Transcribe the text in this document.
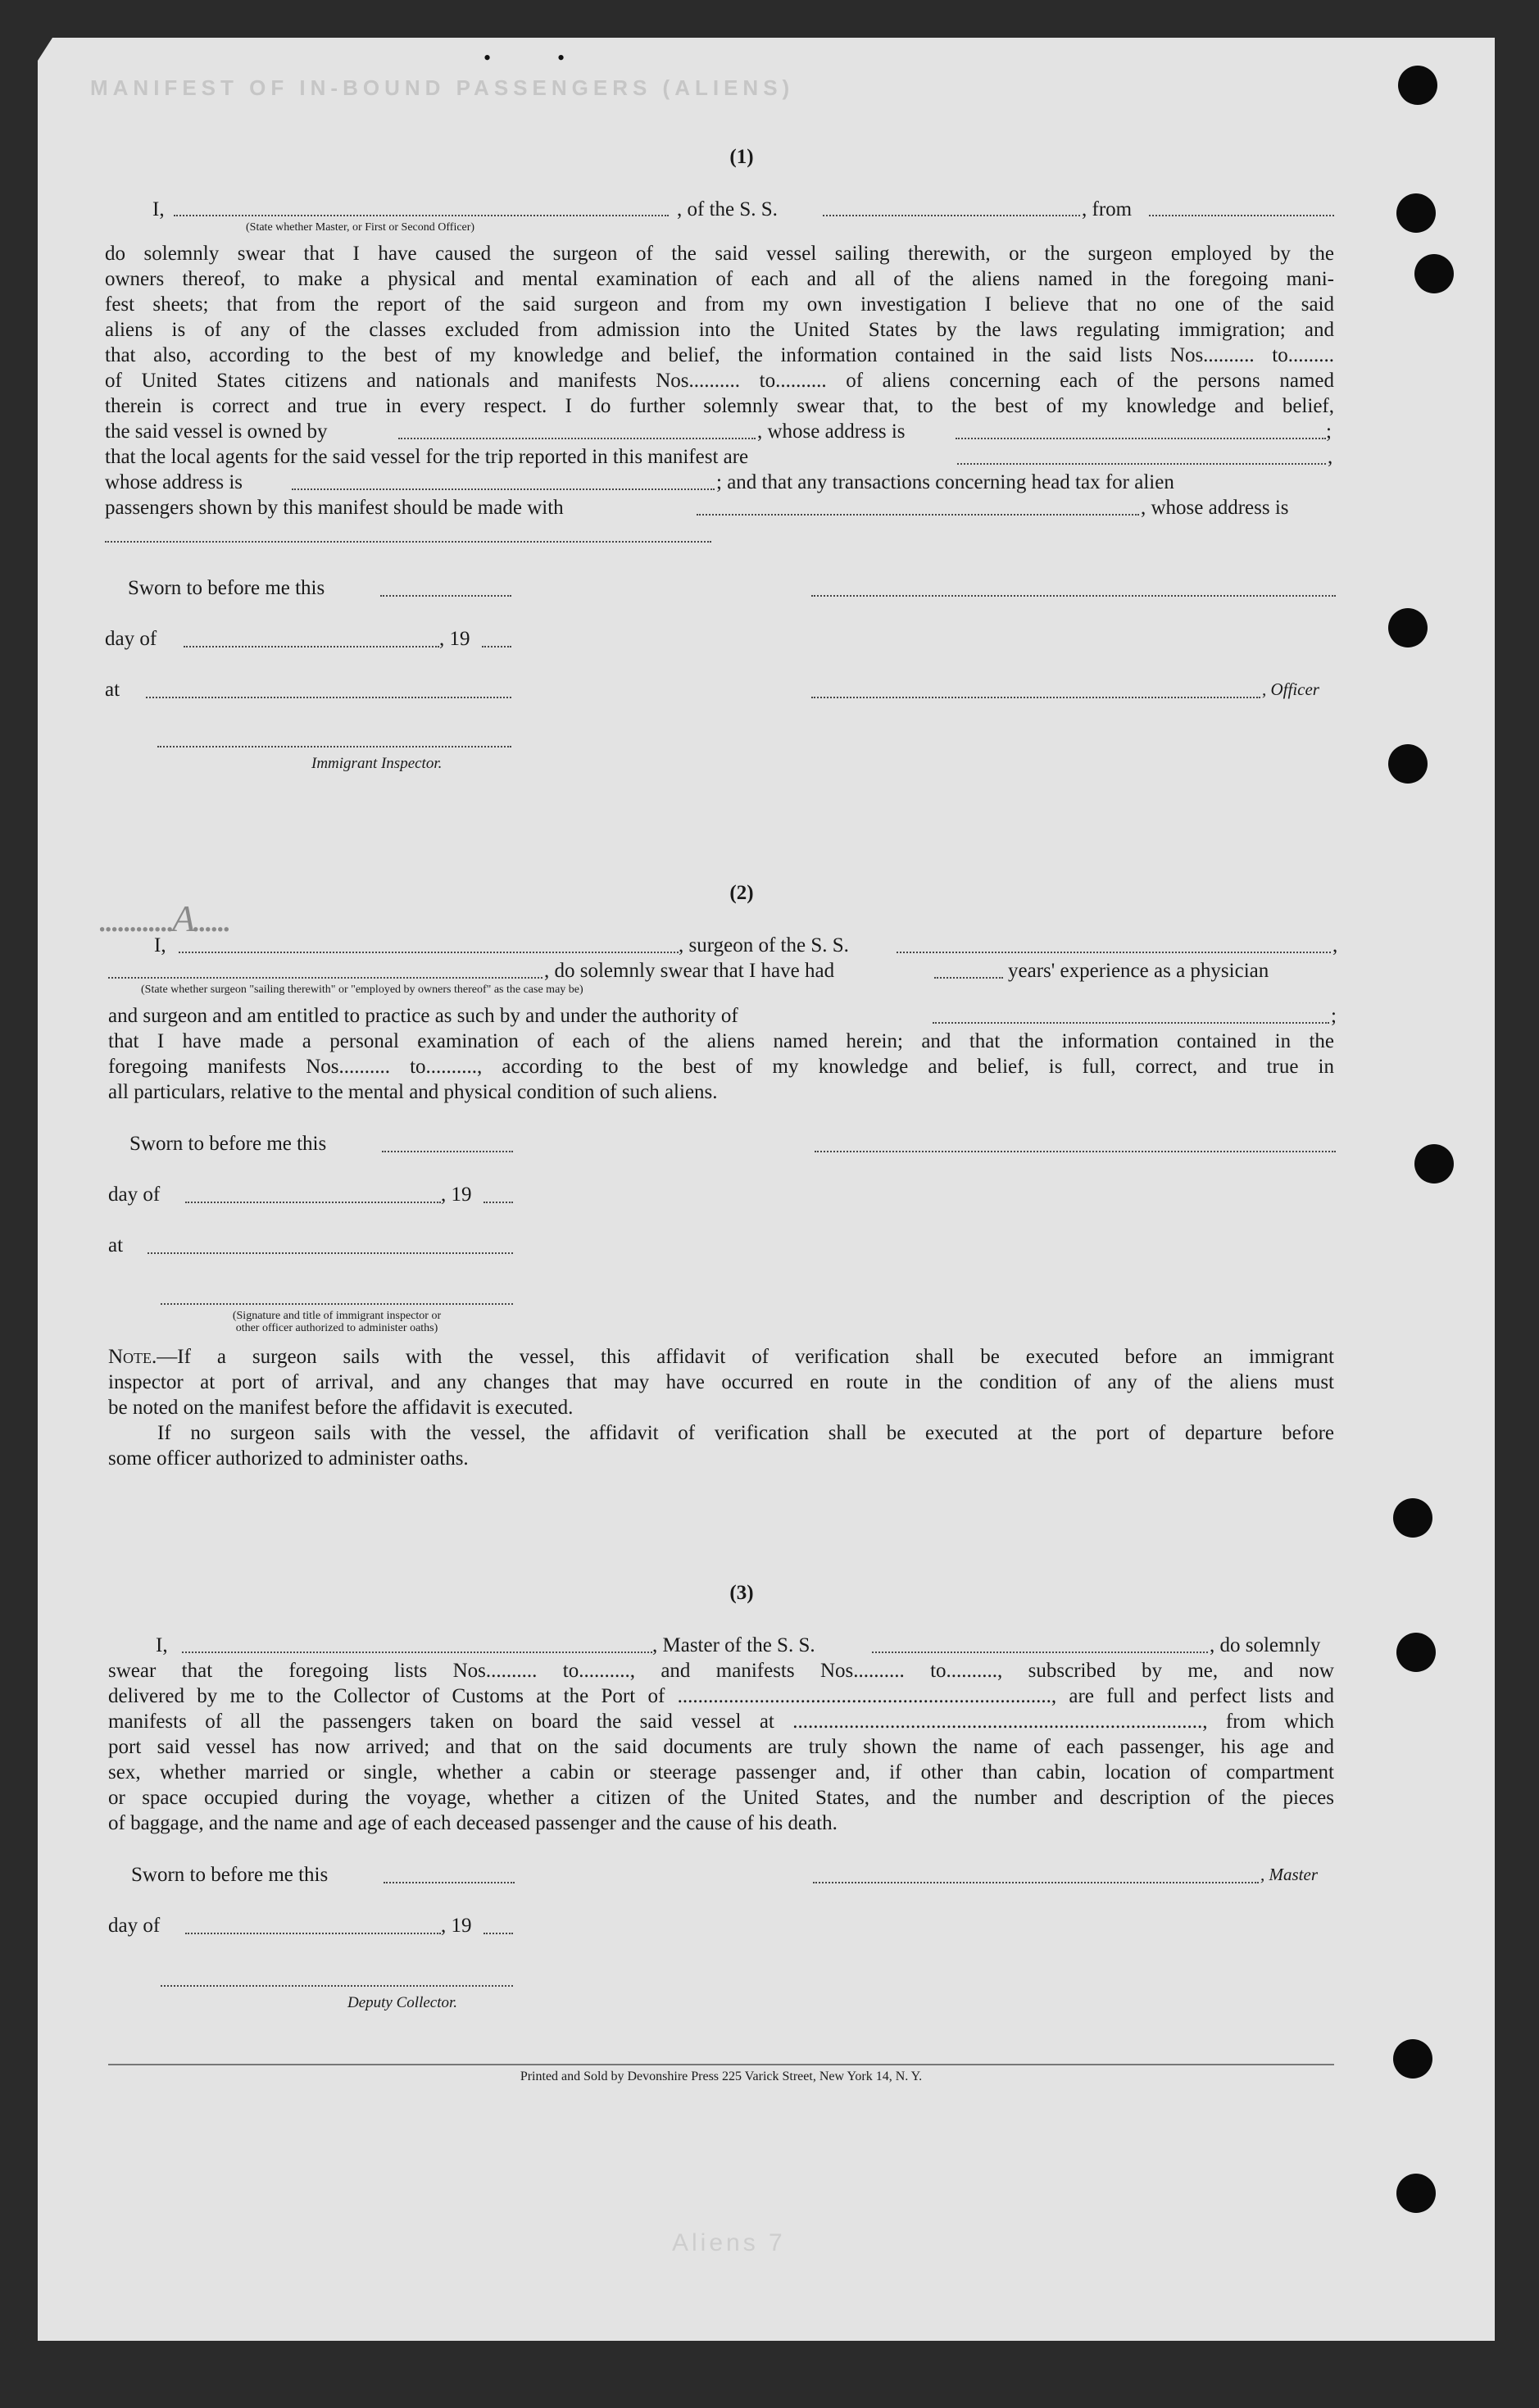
MANIFEST OF IN-BOUND PASSENGERS (ALIENS)
•	•
(1)
I,
(State whether Master, or First or Second Officer)
, of the S. S.	, from
do solemnly swear that I have caused the surgeon of the said vessel sailing therewith, or the surgeon employed by the
owners thereof, to make a physical and mental examination of each and all of the aliens named in the foregoing mani-
fest sheets; that from the report of the said surgeon and from my own investigation I believe that no one of the said
aliens is of any of the classes excluded from admission into the United States by the laws regulating immigration; and
that also, according to the best of my knowledge and belief, the information contained in the said lists Nos.......... to.........
of United States citizens and nationals and manifests Nos.......... to.......... of aliens concerning each of the persons named
therein is correct and true in every respect. I do further solemnly swear that, to the best of my knowledge and belief,
the said vessel is owned by	, whose address is	;
that the local agents for the said vessel for the trip reported in this manifest are	,
whose address is	; and that any transactions concerning head tax for alien
passengers shown by this manifest should be made with	, whose address is
Sworn to before me this
day of	, 19
at	, Officer
Immigrant Inspector.
(2)
............A......
I,	, surgeon of the S. S.	,
, do solemnly swear that I have had	years' experience as a physician
(State whether surgeon "sailing therewith" or "employed by owners thereof" as the case may be)
and surgeon and am entitled to practice as such by and under the authority of	;
that I have made a personal examination of each of the aliens named herein; and that the information contained in the
foregoing manifests Nos.......... to.........., according to the best of my knowledge and belief, is full, correct, and true in
all particulars, relative to the mental and physical condition of such aliens.
Sworn to before me this
day of	, 19
at
(Signature and title of immigrant inspector or
other officer authorized to administer oaths)
Note.—If a surgeon sails with the vessel, this affidavit of verification shall be executed before an immigrant
inspector at port of arrival, and any changes that may have occurred en route in the condition of any of the aliens must
be noted on the manifest before the affidavit is executed.
If no surgeon sails with the vessel, the affidavit of verification shall be executed at the port of departure before
some officer authorized to administer oaths.
(3)
I,	, Master of the S. S.	, do solemnly
swear that the foregoing lists Nos.......... to.........., and manifests Nos.......... to.........., subscribed by me, and now
delivered by me to the Collector of Customs at the Port of ........................................................................., are full and perfect lists and
manifests of all the passengers taken on board the said vessel at ................................................................................, from which
port said vessel has now arrived; and that on the said documents are truly shown the name of each passenger, his age and
sex, whether married or single, whether a cabin or steerage passenger and, if other than cabin, location of compartment
or space occupied during the voyage, whether a citizen of the United States, and the number and description of the pieces
of baggage, and the name and age of each deceased passenger and the cause of his death.
Sworn to before me this	, Master
day of	, 19
Deputy Collector.
Printed and Sold by Devonshire Press 225 Varick Street, New York 14, N. Y.
Aliens 7
